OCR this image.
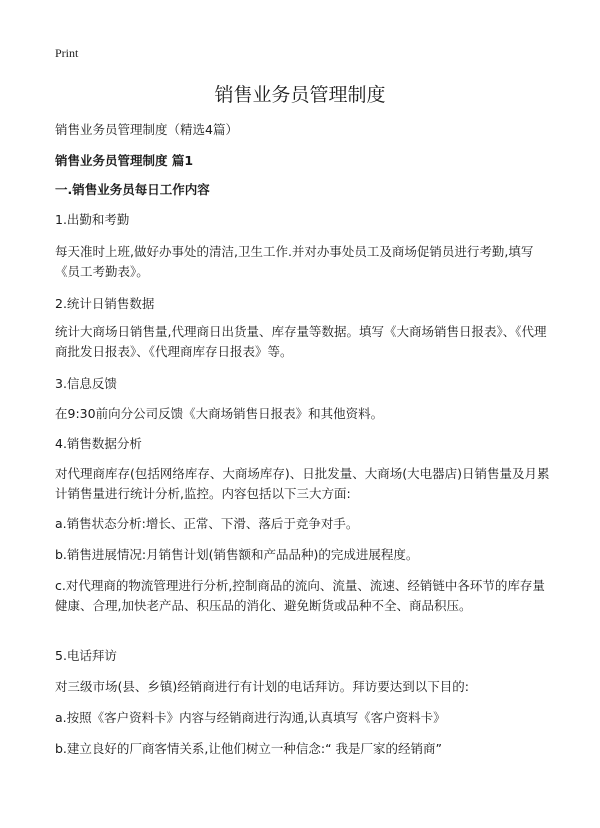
Print
销售业务员管理制度

销售业务员管理制度（精选4篇）

销售业务员管理制度 篇1

一.销售业务员每日工作内容

1.出勤和考勤

每天准时上班,做好办事处的清洁,卫生工作.并对办事处员工及商场促销员进行考勤,填写《员工考勤表》。

2.统计日销售数据

统计大商场日销售量,代理商日出货量、库存量等数据。填写《大商场销售日报表》、《代理商批发日报表》、《代理商库存日报表》等。

3.信息反馈

在9:30前向分公司反馈《大商场销售日报表》和其他资料。

4.销售数据分析

对代理商库存(包括网络库存、大商场库存)、日批发量、大商场(大电器店)日销售量及月累计销售量进行统计分析,监控。内容包括以下三大方面:

a.销售状态分析:增长、正常、下滑、落后于竞争对手。

b.销售进展情况:月销售计划(销售额和产品品种)的完成进展程度。

c.对代理商的物流管理进行分析,控制商品的流向、流量、流速、经销链中各环节的库存量健康、合理,加快老产品、积压品的消化、避免断货或品种不全、商品积压。

5.电话拜访

对三级市场(县、乡镇)经销商进行有计划的电话拜访。拜访要达到以下目的:

a.按照《客户资料卡》内容与经销商进行沟通,认真填写《客户资料卡》

b.建立良好的厂商客情关系,让他们树立一种信念:“ 我是厂家的经销商”
